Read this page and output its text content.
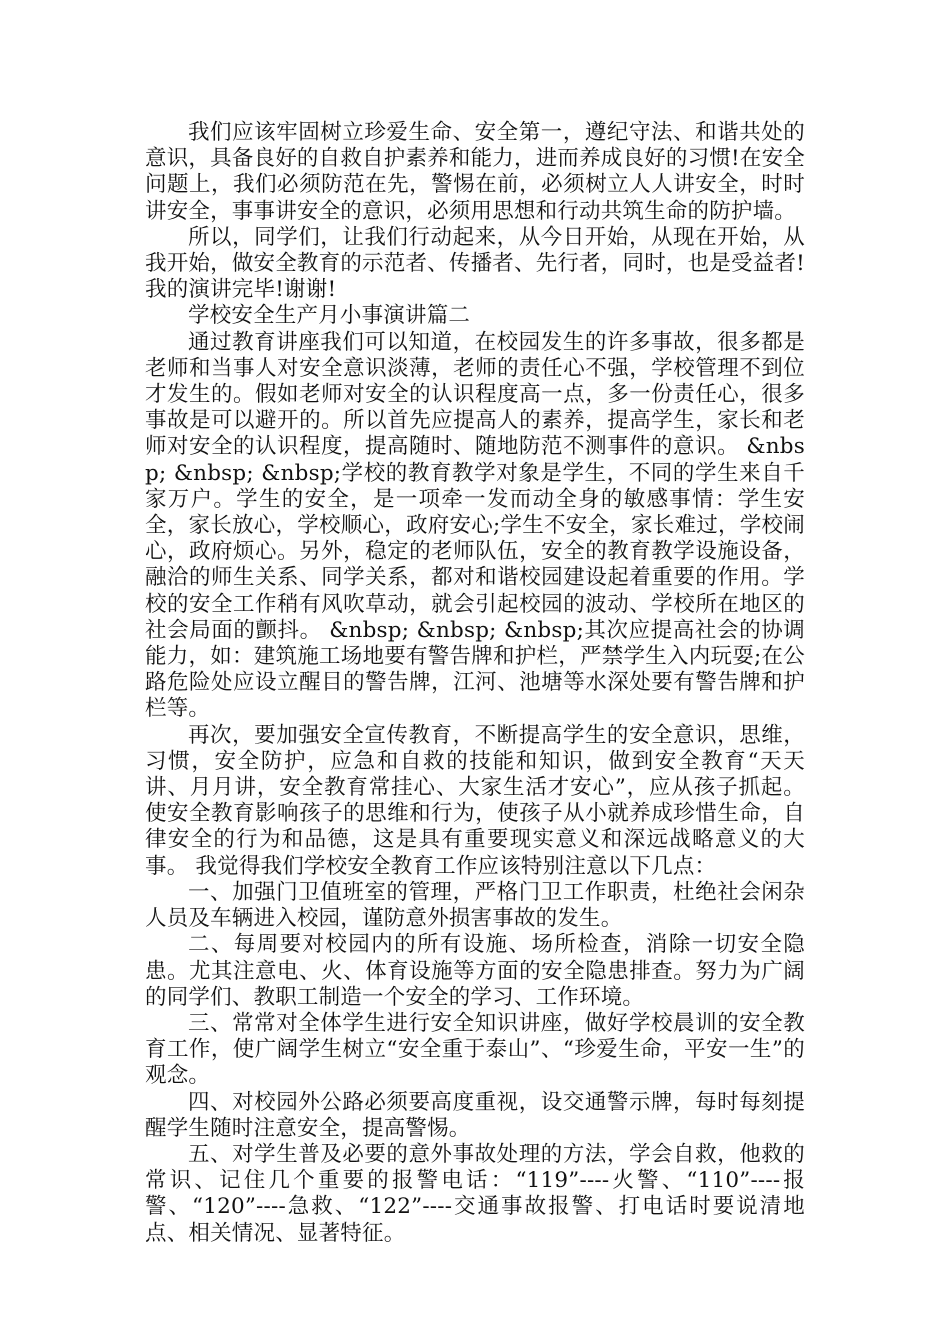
我们应该牢固树立珍爱生命、安全第一，遵纪守法、和谐共处的意识，具备良好的自救自护素养和能力，进而养成良好的习惯!在安全问题上，我们必须防范在先，警惕在前，必须树立人人讲安全，时时讲安全，事事讲安全的意识，必须用思想和行动共筑生命的防护墙。

所以，同学们，让我们行动起来，从今日开始，从现在开始，从我开始，做安全教育的示范者、传播者、先行者，同时，也是受益者!我的演讲完毕!谢谢!

学校安全生产月小事演讲篇二

通过教育讲座我们可以知道，在校园发生的许多事故，很多都是老师和当事人对安全意识淡薄，老师的责任心不强，学校管理不到位才发生的。假如老师对安全的认识程度高一点，多一份责任心，很多事故是可以避开的。所以首先应提高人的素养，提高学生，家长和老师对安全的认识程度，提高随时、随地防范不测事件的意识。 &nbsp; &nbsp; &nbsp;学校的教育教学对象是学生，不同的学生来自千家万户。学生的安全，是一项牵一发而动全身的敏感事情：学生安全，家长放心，学校顺心，政府安心;学生不安全，家长难过，学校闹心，政府烦心。另外，稳定的老师队伍，安全的教育教学设施设备，融洽的师生关系、同学关系，都对和谐校园建设起着重要的作用。学校的安全工作稍有风吹草动，就会引起校园的波动、学校所在地区的社会局面的颤抖。 &nbsp; &nbsp; &nbsp;其次应提高社会的协调能力，如：建筑施工场地要有警告牌和护栏，严禁学生入内玩耍;在公路危险处应设立醒目的警告牌，江河、池塘等水深处要有警告牌和护栏等。

再次，要加强安全宣传教育，不断提高学生的安全意识，思维，习惯，安全防护，应急和自救的技能和知识，做到安全教育“天天讲、月月讲，安全教育常挂心、大家生活才安心”，应从孩子抓起。使安全教育影响孩子的思维和行为，使孩子从小就养成珍惜生命，自律安全的行为和品德，这是具有重要现实意义和深远战略意义的大事。 我觉得我们学校安全教育工作应该特别注意以下几点：

一、加强门卫值班室的管理，严格门卫工作职责，杜绝社会闲杂人员及车辆进入校园，谨防意外损害事故的发生。

二、每周要对校园内的所有设施、场所检查，消除一切安全隐患。尤其注意电、火、体育设施等方面的安全隐患排查。努力为广阔的同学们、教职工制造一个安全的学习、工作环境。

三、常常对全体学生进行安全知识讲座，做好学校晨训的安全教育工作，使广阔学生树立“安全重于泰山”、“珍爱生命，平安一生”的观念。

四、对校园外公路必须要高度重视，设交通警示牌，每时每刻提醒学生随时注意安全，提高警惕。

五、对学生普及必要的意外事故处理的方法，学会自救，他救的常识、记住几个重要的报警电话：“119”----火警、“110”----报警、“120”----急救、“122”----交通事故报警、打电话时要说清地点、相关情况、显著特征。
